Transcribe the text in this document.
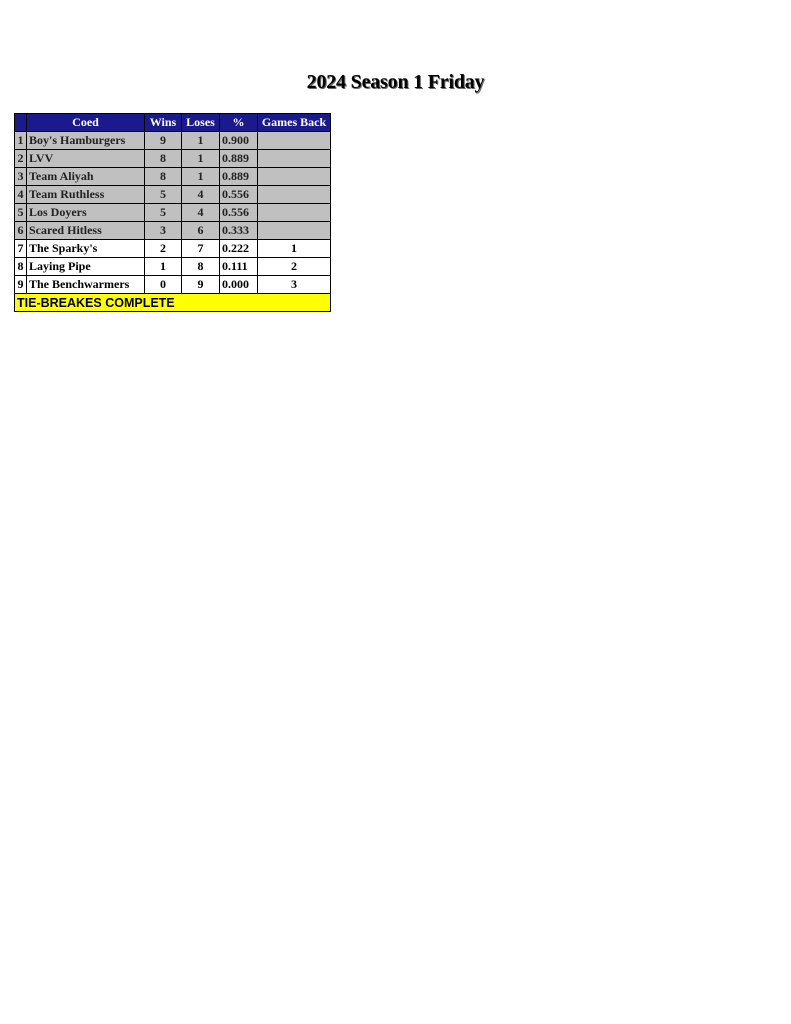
2024 Season 1 Friday
	Coed	Wins	Loses	%	Games Back
1	Boy's Hamburgers	9	1	0.900	
2	LVV	8	1	0.889	
3	Team Aliyah	8	1	0.889	
4	Team Ruthless	5	4	0.556	
5	Los Doyers	5	4	0.556	
6	Scared Hitless	3	6	0.333	
7	The Sparky's	2	7	0.222	1
8	Laying Pipe	1	8	0.111	2
9	The Benchwarmers	0	9	0.000	3
TIE-BREAKES COMPLETE					
